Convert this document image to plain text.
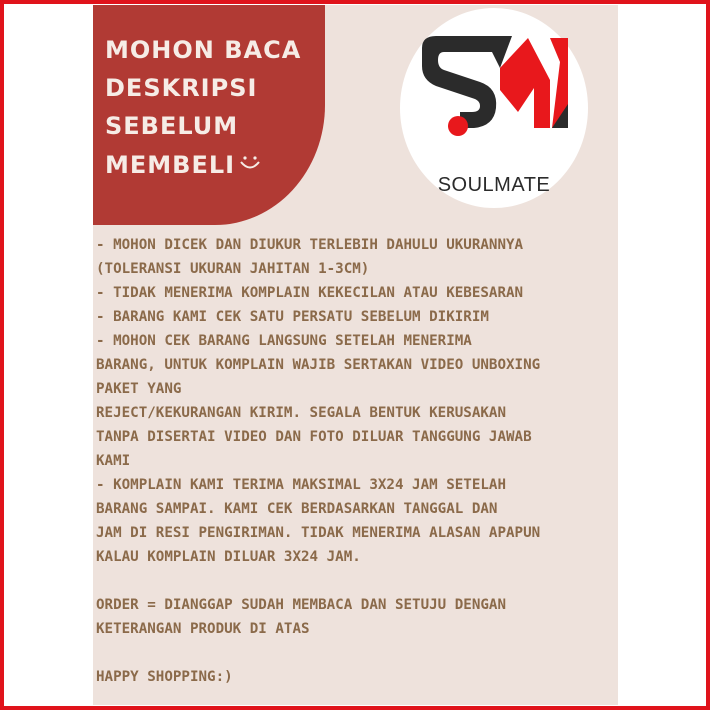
MOHON BACA
DESKRIPSI
SEBELUM
MEMBELI
SOULMATE
- MOHON DICEK DAN DIUKUR TERLEBIH DAHULU UKURANNYA
(TOLERANSI UKURAN JAHITAN 1-3CM)
- TIDAK MENERIMA KOMPLAIN KEKECILAN ATAU KEBESARAN
- BARANG KAMI CEK SATU PERSATU SEBELUM DIKIRIM
- MOHON CEK BARANG LANGSUNG SETELAH MENERIMA
BARANG, UNTUK KOMPLAIN WAJIB SERTAKAN VIDEO UNBOXING
PAKET YANG
REJECT/KEKURANGAN KIRIM. SEGALA BENTUK KERUSAKAN
TANPA DISERTAI VIDEO DAN FOTO DILUAR TANGGUNG JAWAB
KAMI
- KOMPLAIN KAMI TERIMA MAKSIMAL 3X24 JAM SETELAH
BARANG SAMPAI. KAMI CEK BERDASARKAN TANGGAL DAN
JAM DI RESI PENGIRIMAN. TIDAK MENERIMA ALASAN APAPUN
KALAU KOMPLAIN DILUAR 3X24 JAM.
ORDER = DIANGGAP SUDAH MEMBACA DAN SETUJU DENGAN
KETERANGAN PRODUK DI ATAS
HAPPY SHOPPING:)
